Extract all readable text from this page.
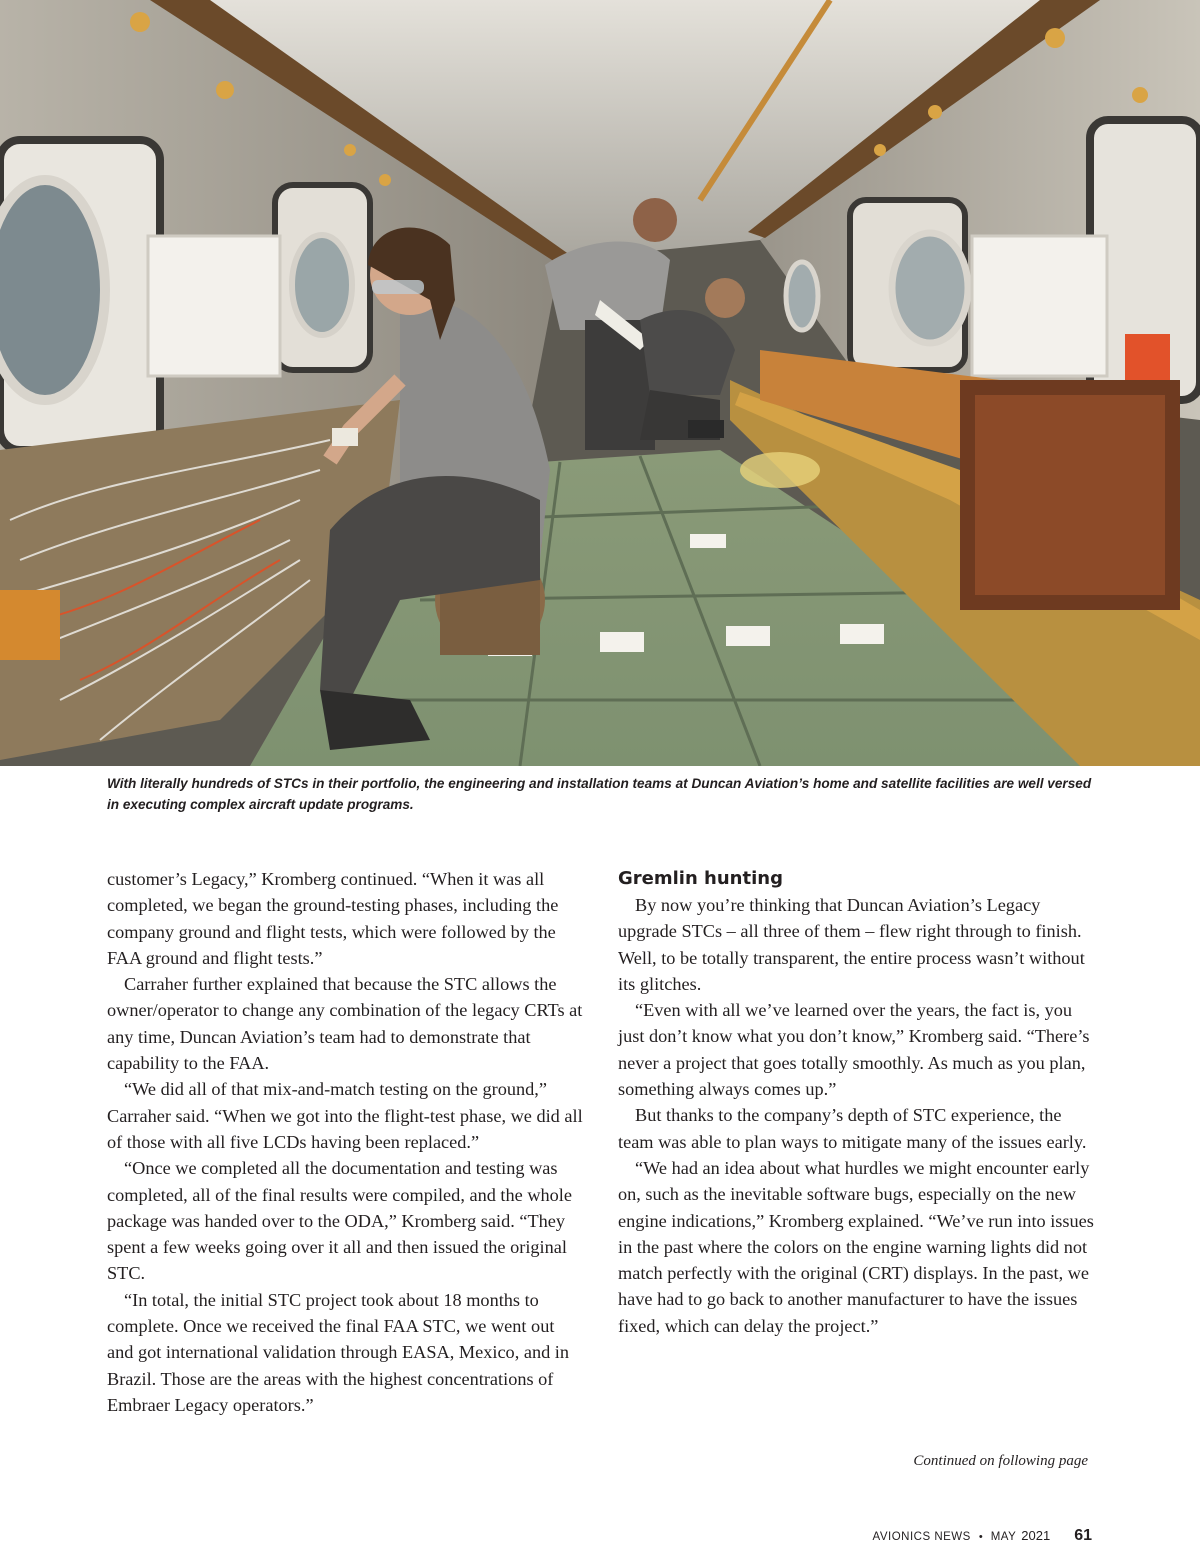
With literally hundreds of STCs in their portfolio, the engineering and installation teams at Duncan Aviation’s home and satellite facilities are well versed in executing complex aircraft update programs.

customer’s Legacy,” Kromberg continued. “When it was all completed, we began the ground-testing phases, including the company ground and flight tests, which were followed by the FAA ground and flight tests.”

Carraher further explained that because the STC allows the owner/operator to change any combination of the legacy CRTs at any time, Duncan Aviation’s team had to demonstrate that capability to the FAA.

“We did all of that mix-and-match testing on the ground,” Carraher said. “When we got into the flight-test phase, we did all of those with all five LCDs having been replaced.”

“Once we completed all the documentation and testing was completed, all of the final results were compiled, and the whole package was handed over to the ODA,” Kromberg said. “They spent a few weeks going over it all and then issued the original STC.

“In total, the initial STC project took about 18 months to complete. Once we received the final FAA STC, we went out and got international validation through EASA, Mexico, and in Brazil. Those are the areas with the highest concentrations of Embraer Legacy operators.”

Gremlin hunting

By now you’re thinking that Duncan Aviation’s Legacy upgrade STCs – all three of them – flew right through to finish. Well, to be totally transparent, the entire process wasn’t without its glitches.

“Even with all we’ve learned over the years, the fact is, you just don’t know what you don’t know,” Kromberg said. “There’s never a project that goes totally smoothly. As much as you plan, something always comes up.”

But thanks to the company’s depth of STC experience, the team was able to plan ways to mitigate many of the issues early.

“We had an idea about what hurdles we might encounter early on, such as the inevitable software bugs, especially on the new engine indications,” Kromberg explained. “We’ve run into issues in the past where the colors on the engine warning lights did not match perfectly with the original (CRT) displays. In the past, we have had to go back to another manufacturer to have the issues fixed, which can delay the project.”

Continued on following page
AVIONICS NEWS • MAY 2021 61
